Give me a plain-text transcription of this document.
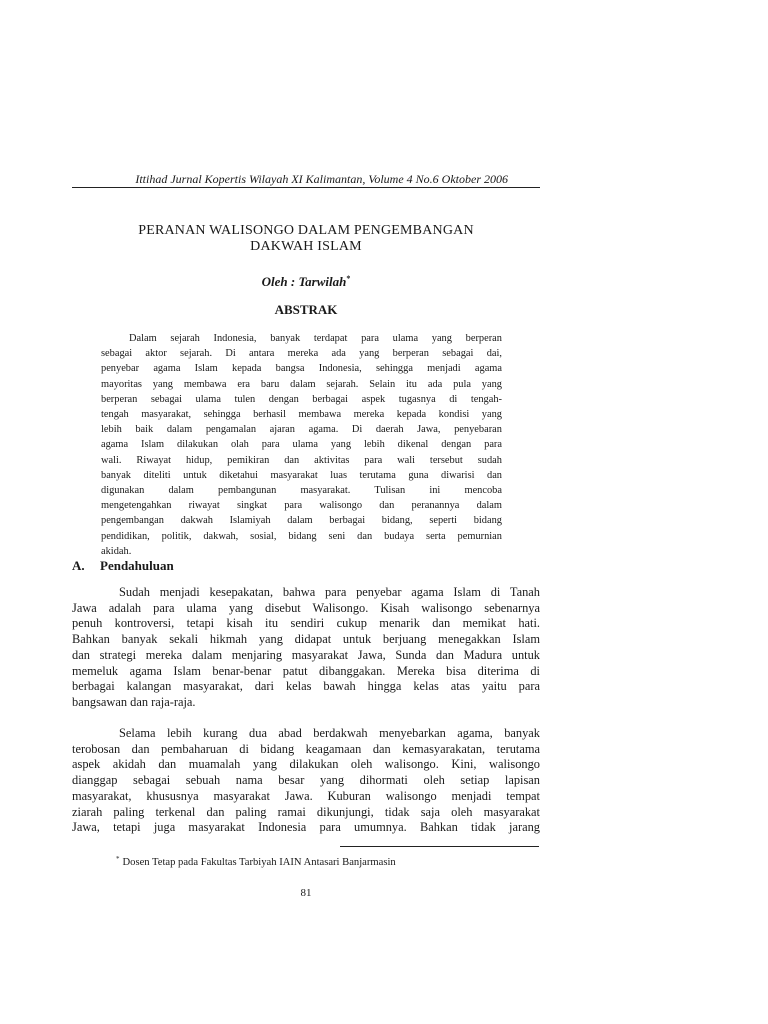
Ittihad Jurnal Kopertis Wilayah XI Kalimantan, Volume 4 No.6 Oktober 2006
PERANAN WALISONGO DALAM PENGEMBANGAN
DAKWAH ISLAM
Oleh : Tarwilah*
ABSTRAK
Dalam sejarah Indonesia, banyak terdapat para ulama yang berperan
sebagai aktor sejarah. Di antara mereka ada yang berperan sebagai dai,
penyebar agama Islam kepada bangsa Indonesia, sehingga menjadi agama
mayoritas yang membawa era baru dalam sejarah. Selain itu ada pula yang
berperan sebagai ulama tulen dengan berbagai aspek tugasnya di tengah-
tengah masyarakat, sehingga berhasil membawa mereka kepada kondisi yang
lebih baik dalam pengamalan ajaran agama. Di daerah Jawa, penyebaran
agama Islam dilakukan olah para ulama yang lebih dikenal dengan para
wali. Riwayat hidup, pemikiran dan aktivitas para wali tersebut sudah
banyak diteliti untuk diketahui masyarakat luas terutama guna diwarisi dan
digunakan dalam pembangunan masyarakat. Tulisan ini mencoba
mengetengahkan riwayat singkat para walisongo dan peranannya dalam
pengembangan dakwah Islamiyah dalam berbagai bidang, seperti bidang
pendidikan, politik, dakwah, sosial, bidang seni dan budaya serta pemurnian
akidah.
A. Pendahuluan
Sudah menjadi kesepakatan, bahwa para penyebar agama Islam di Tanah
Jawa adalah para ulama yang disebut Walisongo. Kisah walisongo sebenarnya
penuh kontroversi, tetapi kisah itu sendiri cukup menarik dan memikat hati.
Bahkan banyak sekali hikmah yang didapat untuk berjuang menegakkan Islam
dan strategi mereka dalam menjaring masyarakat Jawa, Sunda dan Madura untuk
memeluk agama Islam benar-benar patut dibanggakan. Mereka bisa diterima di
berbagai kalangan masyarakat, dari kelas bawah hingga kelas atas yaitu para
bangsawan dan raja-raja.
Selama lebih kurang dua abad berdakwah menyebarkan agama, banyak
terobosan dan pembaharuan di bidang keagamaan dan kemasyarakatan, terutama
aspek akidah dan muamalah yang dilakukan oleh walisongo. Kini, walisongo
dianggap sebagai sebuah nama besar yang dihormati oleh setiap lapisan
masyarakat, khususnya masyarakat Jawa. Kuburan walisongo menjadi tempat
ziarah paling terkenal dan paling ramai dikunjungi, tidak saja oleh masyarakat
Jawa, tetapi juga masyarakat Indonesia para umumnya. Bahkan tidak jarang
* Dosen Tetap pada Fakultas Tarbiyah IAIN Antasari Banjarmasin
81
